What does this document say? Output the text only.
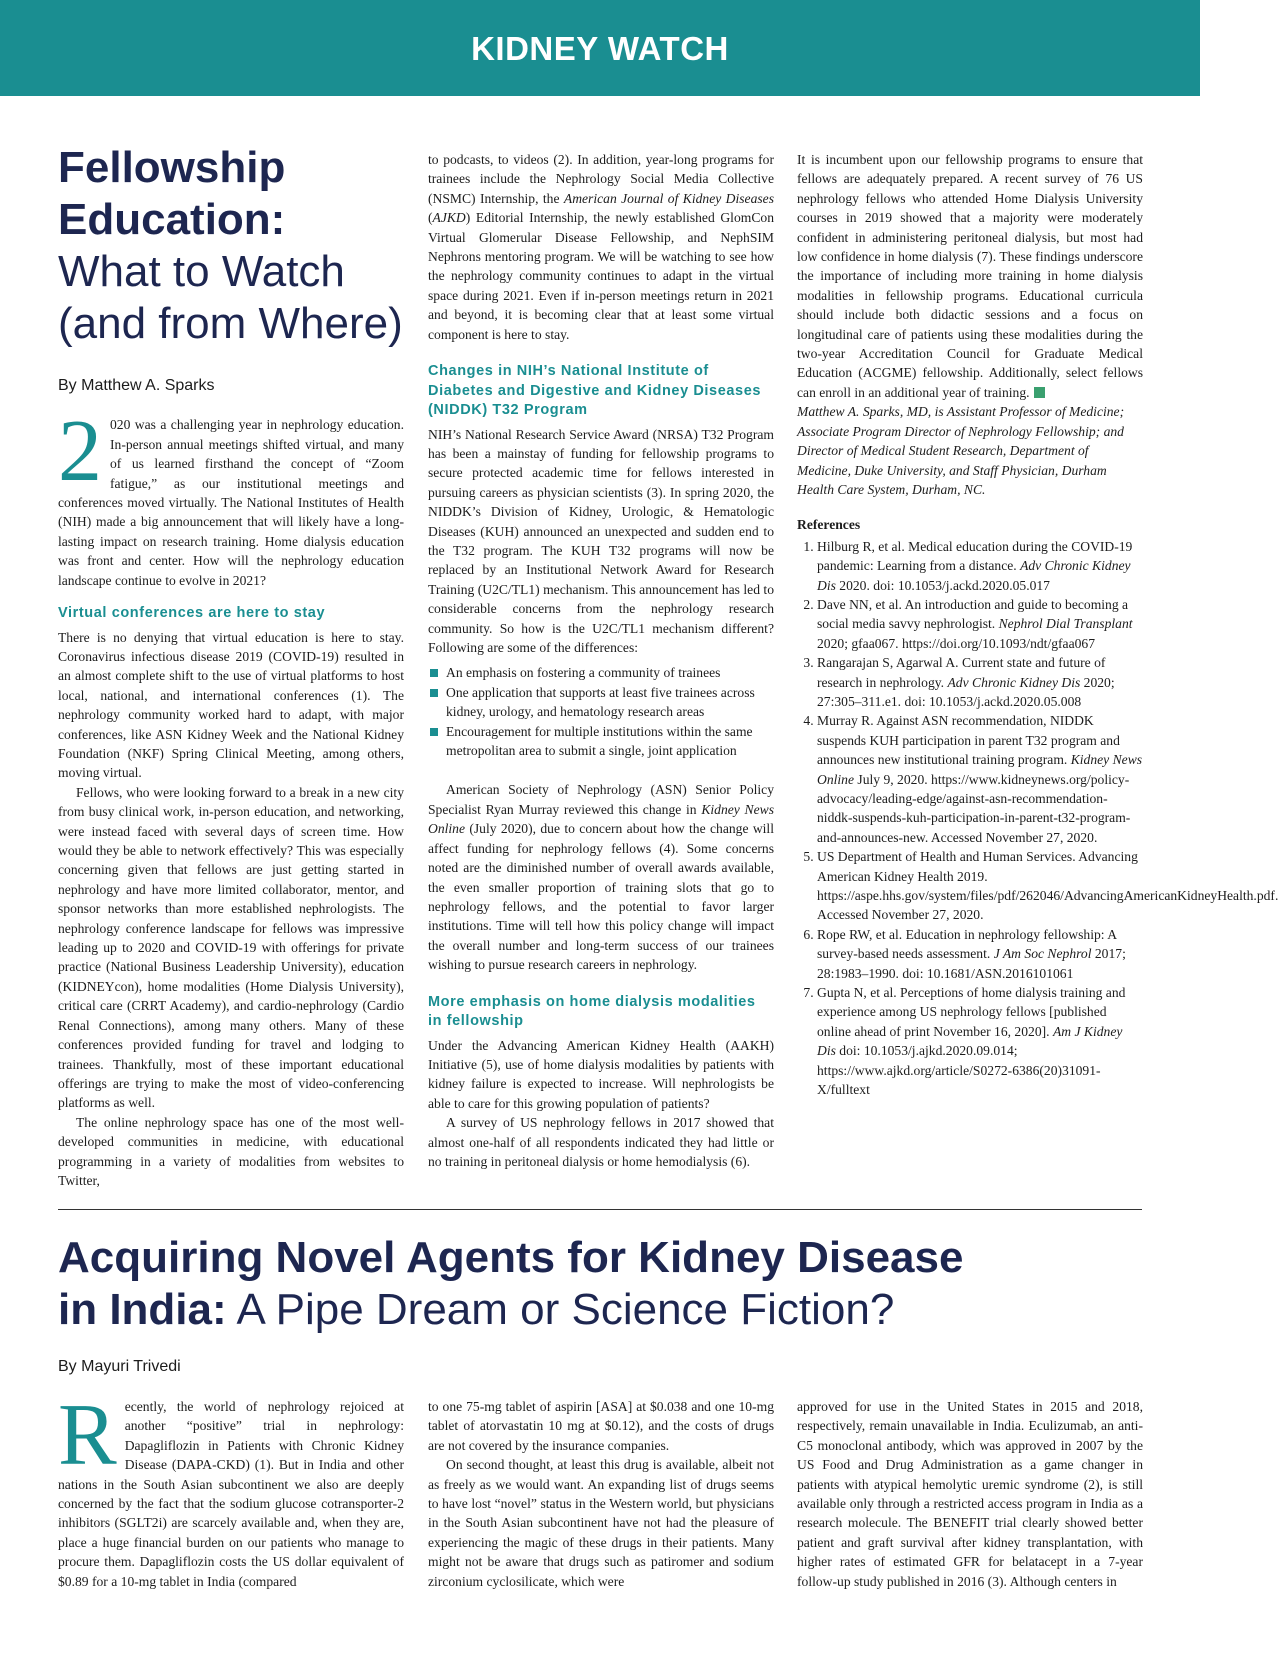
KIDNEY WATCH
Fellowship
Education:
What to Watch
(and from Where)
By Matthew A. Sparks

2 020 was a challenging year in nephrology education. In-person annual meetings shifted virtual, and many of us learned firsthand the concept of “Zoom fatigue,” as our institutional meetings and conferences moved virtually. The National Institutes of Health (NIH) made a big announcement that will likely have a long-lasting impact on research training. Home dialysis education was front and center. How will the nephrology education landscape continue to evolve in 2021?

Virtual conferences are here to stay

There is no denying that virtual education is here to stay. Coronavirus infectious disease 2019 (COVID-19) resulted in an almost complete shift to the use of virtual platforms to host local, national, and international conferences (1). The nephrology community worked hard to adapt, with major conferences, like ASN Kidney Week and the National Kidney Foundation (NKF) Spring Clinical Meeting, among others, moving virtual.

Fellows, who were looking forward to a break in a new city from busy clinical work, in-person education, and networking, were instead faced with several days of screen time. How would they be able to network effectively? This was especially concerning given that fellows are just getting started in nephrology and have more limited collaborator, mentor, and sponsor networks than more established nephrologists. The nephrology conference landscape for fellows was impressive leading up to 2020 and COVID-19 with offerings for private practice (National Business Leadership University), education (KIDNEYcon), home modalities (Home Dialysis University), critical care (CRRT Academy), and cardio-nephrology (Cardio Renal Connections), among many others. Many of these conferences provided funding for travel and lodging to trainees. Thankfully, most of these important educational offerings are trying to make the most of video-conferencing platforms as well.

The online nephrology space has one of the most well-developed communities in medicine, with educational programming in a variety of modalities from websites to Twitter,

to podcasts, to videos (2). In addition, year-long programs for trainees include the Nephrology Social Media Collective (NSMC) Internship, the American Journal of Kidney Diseases (AJKD) Editorial Internship, the newly established GlomCon Virtual Glomerular Disease Fellowship, and NephSIM Nephrons mentoring program. We will be watching to see how the nephrology community continues to adapt in the virtual space during 2021. Even if in-person meetings return in 2021 and beyond, it is becoming clear that at least some virtual component is here to stay.

Changes in NIH’s National Institute of Diabetes and Digestive and Kidney Diseases (NIDDK) T32 Program

NIH’s National Research Service Award (NRSA) T32 Program has been a mainstay of funding for fellowship programs to secure protected academic time for fellows interested in pursuing careers as physician scientists (3). In spring 2020, the NIDDK’s Division of Kidney, Urologic, & Hematologic Diseases (KUH) announced an unexpected and sudden end to the T32 program. The KUH T32 programs will now be replaced by an Institutional Network Award for Research Training (U2C/TL1) mechanism. This announcement has led to considerable concerns from the nephrology research community. So how is the U2C/TL1 mechanism different? Following are some of the differences:

An emphasis on fostering a community of trainees
One application that supports at least five trainees across kidney, urology, and hematology research areas
Encouragement for multiple institutions within the same metropolitan area to submit a single, joint application

American Society of Nephrology (ASN) Senior Policy Specialist Ryan Murray reviewed this change in Kidney News Online (July 2020), due to concern about how the change will affect funding for nephrology fellows (4). Some concerns noted are the diminished number of overall awards available, the even smaller proportion of training slots that go to nephrology fellows, and the potential to favor larger institutions. Time will tell how this policy change will impact the overall number and long-term success of our trainees wishing to pursue research careers in nephrology.

More emphasis on home dialysis modalities in fellowship

Under the Advancing American Kidney Health (AAKH) Initiative (5), use of home dialysis modalities by patients with kidney failure is expected to increase. Will nephrologists be able to care for this growing population of patients?

A survey of US nephrology fellows in 2017 showed that almost one-half of all respondents indicated they had little or no training in peritoneal dialysis or home hemodialysis (6).

It is incumbent upon our fellowship programs to ensure that fellows are adequately prepared. A recent survey of 76 US nephrology fellows who attended Home Dialysis University courses in 2019 showed that a majority were moderately confident in administering peritoneal dialysis, but most had low confidence in home dialysis (7). These findings underscore the importance of including more training in home dialysis modalities in fellowship programs. Educational curricula should include both didactic sessions and a focus on longitudinal care of patients using these modalities during the two-year Accreditation Council for Graduate Medical Education (ACGME) fellowship. Additionally, select fellows can enroll in an additional year of training.

Matthew A. Sparks, MD, is Assistant Professor of Medicine; Associate Program Director of Nephrology Fellowship; and Director of Medical Student Research, Department of Medicine, Duke University, and Staff Physician, Durham Health Care System, Durham, NC.

References
1. Hilburg R, et al. Medical education during the COVID-19 pandemic: Learning from a distance. Adv Chronic Kidney Dis 2020. doi: 10.1053/j.ackd.2020.05.017
2. Dave NN, et al. An introduction and guide to becoming a social media savvy nephrologist. Nephrol Dial Transplant 2020; gfaa067. https://doi.org/10.1093/ndt/gfaa067
3. Rangarajan S, Agarwal A. Current state and future of research in nephrology. Adv Chronic Kidney Dis 2020; 27:305–311.e1. doi: 10.1053/j.ackd.2020.05.008
4. Murray R. Against ASN recommendation, NIDDK suspends KUH participation in parent T32 program and announces new institutional training program. Kidney News Online July 9, 2020. https://www.kidneynews.org/policy-advocacy/leading-edge/against-asn-recommendation-niddk-suspends-kuh-participation-in-parent-t32-program-and-announces-new. Accessed November 27, 2020.
5. US Department of Health and Human Services. Advancing American Kidney Health 2019. https://aspe.hhs.gov/system/files/pdf/262046/AdvancingAmericanKidneyHealth.pdf. Accessed November 27, 2020.
6. Rope RW, et al. Education in nephrology fellowship: A survey-based needs assessment. J Am Soc Nephrol 2017; 28:1983–1990. doi: 10.1681/ASN.2016101061
7. Gupta N, et al. Perceptions of home dialysis training and experience among US nephrology fellows [published online ahead of print November 16, 2020]. Am J Kidney Dis doi: 10.1053/j.ajkd.2020.09.014; https://www.ajkd.org/article/S0272-6386(20)31091-X/fulltext
Acquiring Novel Agents for Kidney Disease
in India: A Pipe Dream or Science Fiction?
By Mayuri Trivedi

Recently, the world of nephrology rejoiced at another “positive” trial in nephrology: Dapagliflozin in Patients with Chronic Kidney Disease (DAPA-CKD) (1). But in India and other nations in the South Asian subcontinent we also are deeply concerned by the fact that the sodium glucose cotransporter-2 inhibitors (SGLT2i) are scarcely available and, when they are, place a huge financial burden on our patients who manage to procure them. Dapagliflozin costs the US dollar equivalent of $0.89 for a 10-mg tablet in India (compared

to one 75-mg tablet of aspirin [ASA] at $0.038 and one 10-mg tablet of atorvastatin 10 mg at $0.12), and the costs of drugs are not covered by the insurance companies.

On second thought, at least this drug is available, albeit not as freely as we would want. An expanding list of drugs seems to have lost “novel” status in the Western world, but physicians in the South Asian subcontinent have not had the pleasure of experiencing the magic of these drugs in their patients. Many might not be aware that drugs such as patiromer and sodium zirconium cyclosilicate, which were

approved for use in the United States in 2015 and 2018, respectively, remain unavailable in India. Eculizumab, an anti-C5 monoclonal antibody, which was approved in 2007 by the US Food and Drug Administration as a game changer in patients with atypical hemolytic uremic syndrome (2), is still available only through a restricted access program in India as a research molecule. The BENEFIT trial clearly showed better patient and graft survival after kidney transplantation, with higher rates of estimated GFR for belatacept in a 7-year follow-up study published in 2016 (3). Although centers in
